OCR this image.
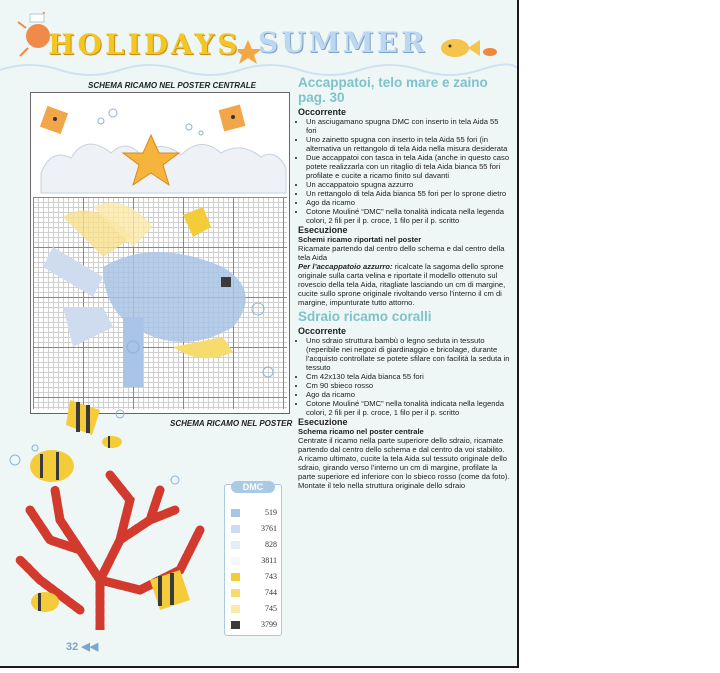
HOLIDAYS SUMMER
SCHEMA RICAMO NEL POSTER CENTRALE
SCHEMA RICAMO NEL POSTER
DMC
519
3761
828
3811
743
744
745
3799
32 ◀◀
Accappatoi, telo mare e zaino pag. 30
Occorrente
• Un asciugamano spugna DMC con inserto in tela Aida 55 fori
• Uno zainetto spugna con inserto in tela Aida 55 fori (in alternativa un rettangolo di tela Aida nella misura desiderata
• Due accappatoi con tasca in tela Aida (anche in questo caso potete realizzarla con un ritaglio di tela Aida bianca 55 fori profilate e cucite a ricamo finito sul davanti
• Un accappatoio spugna azzurro
• Un rettangolo di tela Aida bianca 55 fori per lo sprone dietro
• Ago da ricamo
• Cotone Mouliné “DMC” nella tonalità indicata nella legenda colori, 2 fili per il p. croce, 1 filo per il p. scritto
Esecuzione

Schemi ricamo riportati nel poster

Ricamate partendo dal centro dello schema e dal centro della tela Aida

Per l’accappatoio azzurro: ricalcate la sagoma dello sprone originale sulla carta velina e riportate il modello ottenuto sul rovescio della tela Aida, ritagliate lasciando un cm di margine, cucite sullo sprone originale rivoltando verso l’interno il cm di margine, impunturate tutto attorno.

Sdraio ricamo coralli
Occorrente
• Uno sdraio struttura bambù o legno seduta in tessuto (reperibile nei negozi di giardinaggio e bricolage, durante l’acquisto controllate se potete sfilare con facilità la seduta in tessuto
• Cm 42x130 tela Aida bianca 55 fori
• Cm 90 sbieco rosso
• Ago da ricamo
• Cotone Mouliné “DMC” nella tonalità indicata nella legenda colori, 2 fili per il p. croce, 1 filo per il p. scritto
Esecuzione

Schema ricamo nel poster centrale

Centrate il ricamo nella parte superiore dello sdraio, ricamate partendo dal centro dello schema e dal centro da voi stabilito. A ricamo ultimato, cucite la tela Aida sul tessuto originale dello sdraio, girando verso l’interno un cm di margine, profilate la parte superiore ed inferiore con lo sbieco rosso (come da foto). Montate il telo nella struttura originale dello sdraio
